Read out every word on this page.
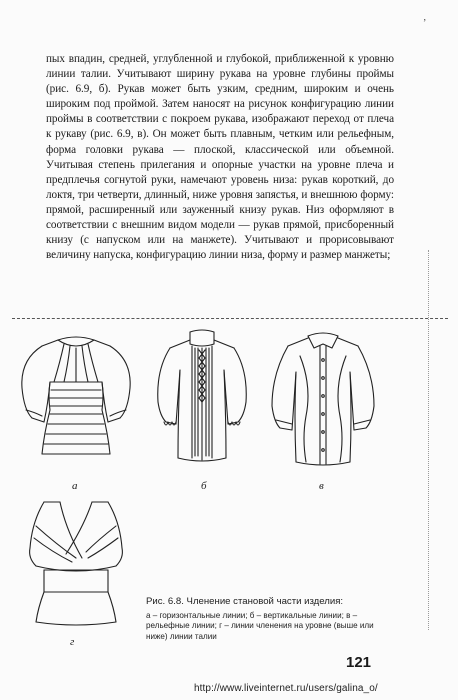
’

пых впадин, средней, углубленной и глубокой, приближенной к уровню линии талии. Учитывают ширину рукава на уровне глубины проймы (рис. 6.9, б). Рукав может быть узким, средним, широким и очень широким под проймой. Затем наносят на рисунок конфигурацию линии проймы в соответствии с покроем рукава, изображают переход от плеча к рукаву (рис. 6.9, в). Он может быть плавным, четким или рельефным, форма головки рукава — плоской, классической или объемной. Учитывая степень прилегания и опорные участки на уровне плеча и предплечья согнутой руки, намечают уровень низа: рукав короткий, до локтя, три четверти, длинный, ниже уровня запястья, и внешнюю форму: прямой, расширенный или зауженный книзу рукав. Низ оформляют в соответствии с внешним видом модели — рукав прямой, присборенный книзу (с напуском или на манжете). Учитывают и прорисовывают величину напуска, конфигурацию линии низа, форму и размер манжеты;

а	б	в
г
Рис. 6.8. Членение становой части изделия:
а – горизонтальные линии; б – вертикальные линии; в – рельефные линии; г – линии членения на уровне (выше или ниже) линии талии
121
http://www.liveinternet.ru/users/galina_o/
